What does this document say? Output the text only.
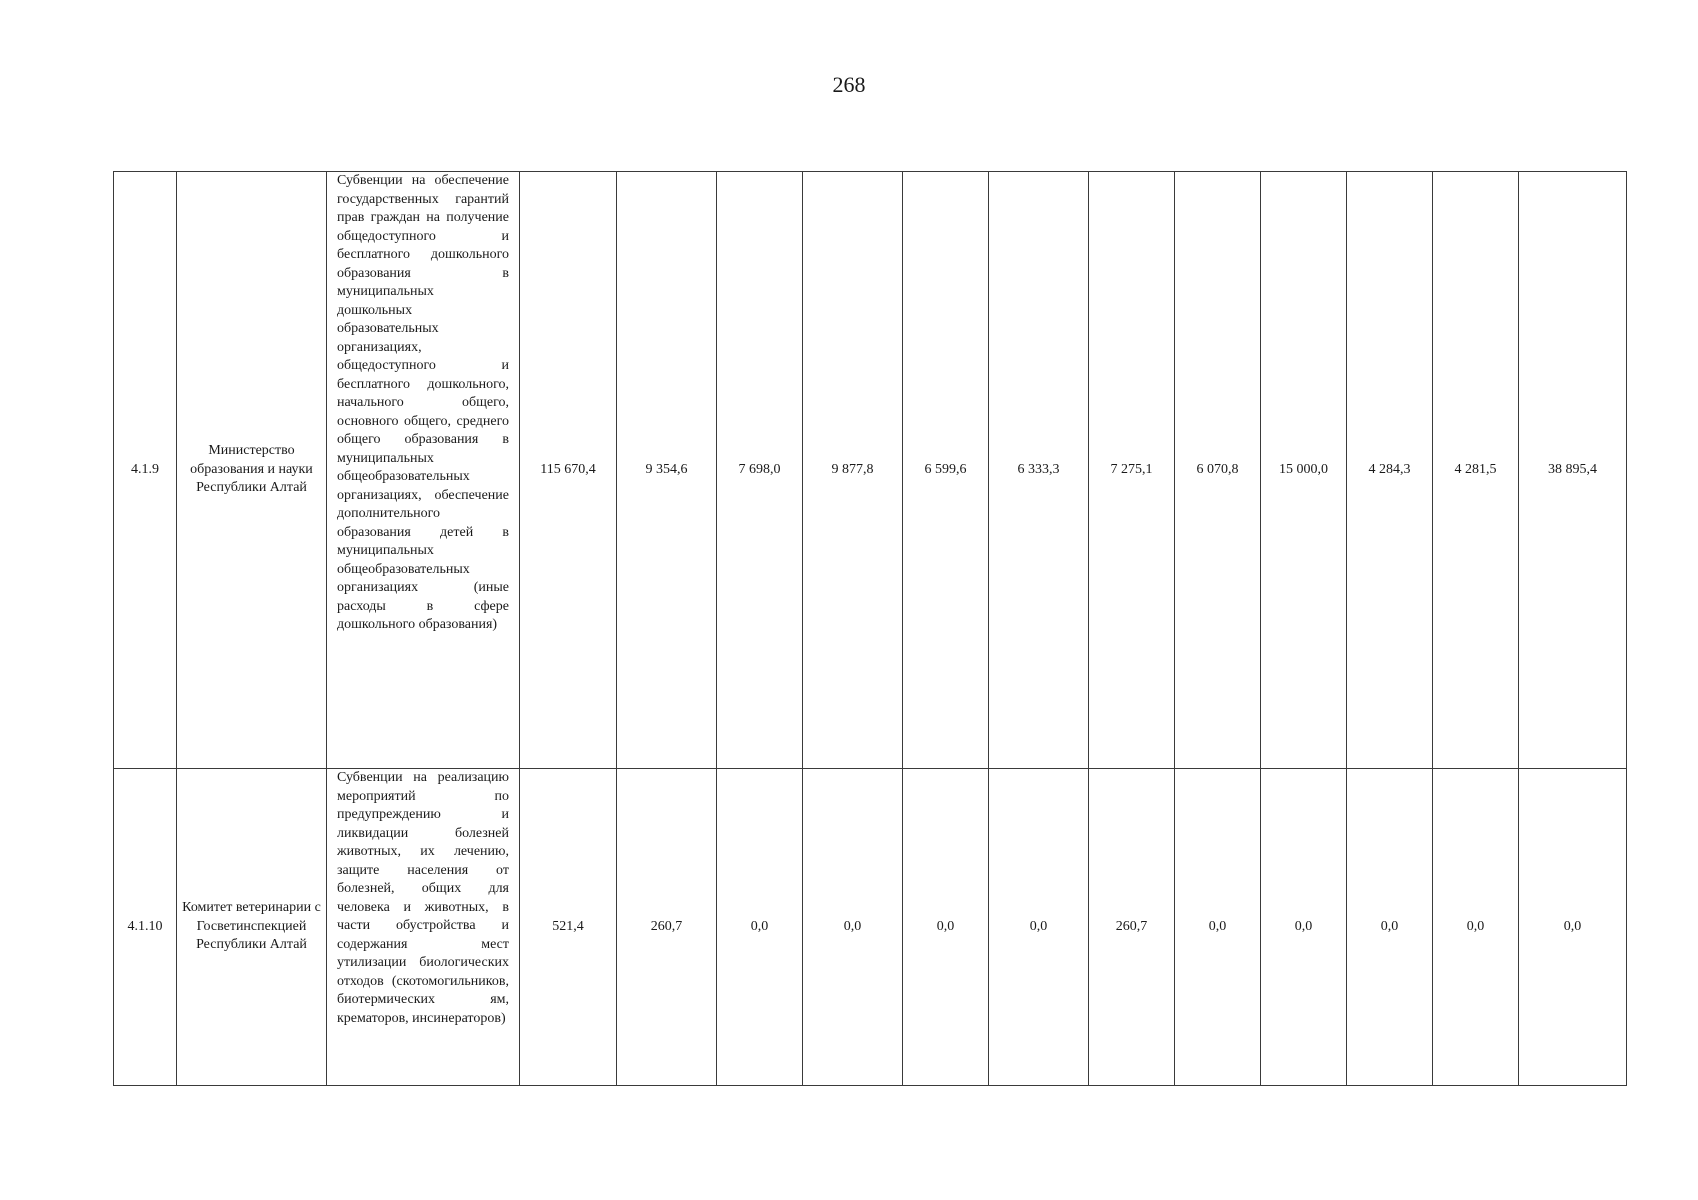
268
4.1.9	Министерство образования и науки Республики Алтай	Субвенции на обеспечение государственных гарантий прав граждан на получение общедоступного и бесплатного дошкольного образования в муниципальных дошкольных образовательных организациях, общедоступного и бесплатного дошкольного, начального общего, основного общего, среднего общего образования в муниципальных общеобразовательных организациях, обеспечение дополнительного образования детей в муниципальных общеобразовательных организациях (иные расходы в сфере дошкольного образования)	115 670,4	9 354,6	7 698,0	9 877,8	6 599,6	6 333,3	7 275,1	6 070,8	15 000,0	4 284,3	4 281,5	38 895,4
4.1.10	Комитет ветеринарии с Госветинспекцией Республики Алтай	Субвенции на реализацию мероприятий по предупреждению и ликвидации болезней животных, их лечению, защите населения от болезней, общих для человека и животных, в части обустройства и содержания мест утилизации биологических отходов (скотомогильников, биотермических ям, крематоров, инсинераторов)	521,4	260,7	0,0	0,0	0,0	0,0	260,7	0,0	0,0	0,0	0,0	0,0
